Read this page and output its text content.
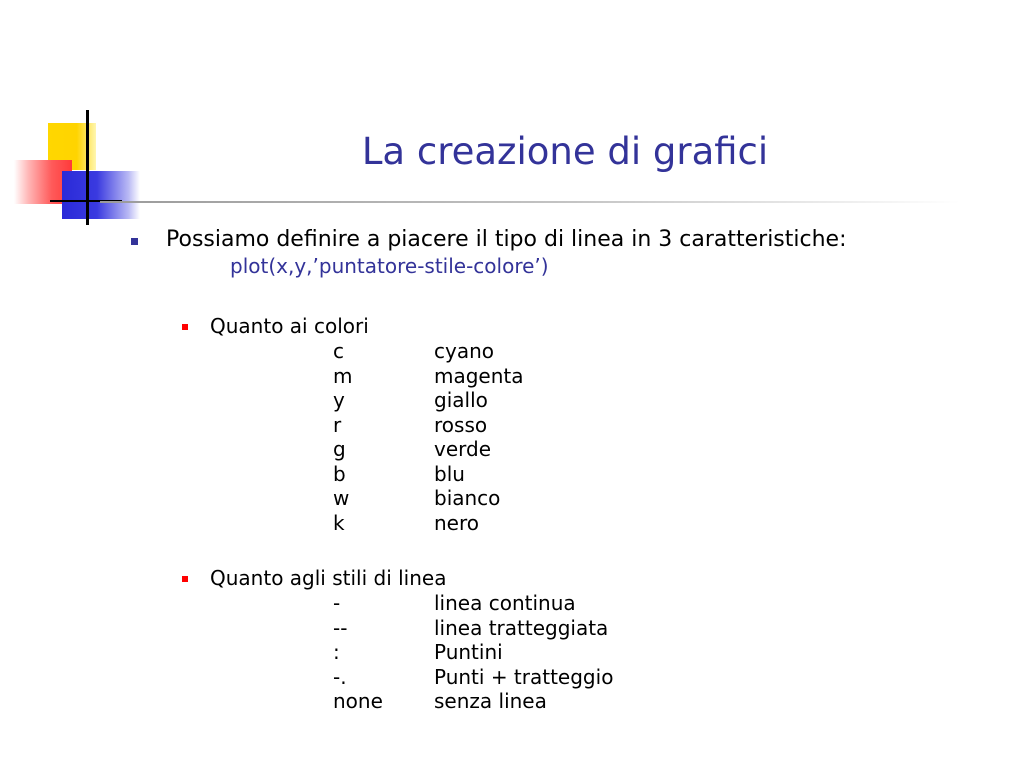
La creazione di grafici
Possiamo definire a piacere il tipo di linea in 3 caratteristiche:
plot(x,y,’puntatore-stile-colore’)
Quanto ai colori
c	cyano
m	magenta
y	giallo
r	rosso
g	verde
b	blu
w	bianco
k	nero
Quanto agli stili di linea
-	linea continua
--	linea tratteggiata
:	Puntini
-.	Punti + tratteggio
none	senza linea
